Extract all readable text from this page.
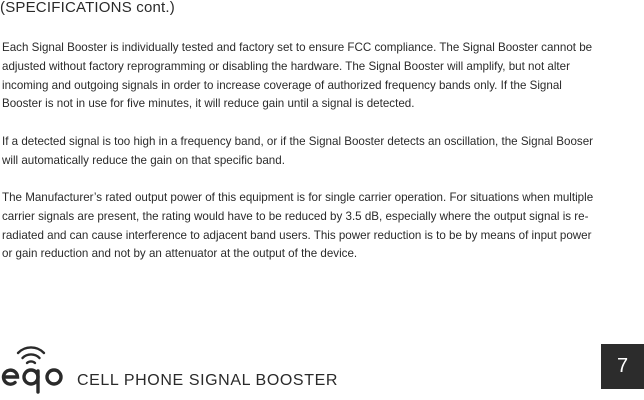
(SPECIFICATIONS cont.)

Each Signal Booster is individually tested and factory set to ensure FCC compliance. The Signal Booster cannot be adjusted without factory reprogramming or disabling the hardware. The Signal Booster will amplify, but not alter incoming and outgoing signals in order to increase coverage of authorized frequency bands only. If the Signal Booster is not in use for five minutes, it will reduce gain until a signal is detected.

If a detected signal is too high in a frequency band, or if the Signal Booster detects an oscillation, the Signal Booser will automatically reduce the gain on that specific band.

The Manufacturer’s rated output power of this equipment is for single carrier operation. For situations when multiple carrier signals are present, the rating would have to be reduced by 3.5 dB, especially where the output signal is re-radiated and can cause interference to adjacent band users. This power reduction is to be by means of input power or gain reduction and not by an attenuator at the output of the device.

CELL PHONE SIGNAL BOOSTER
7
